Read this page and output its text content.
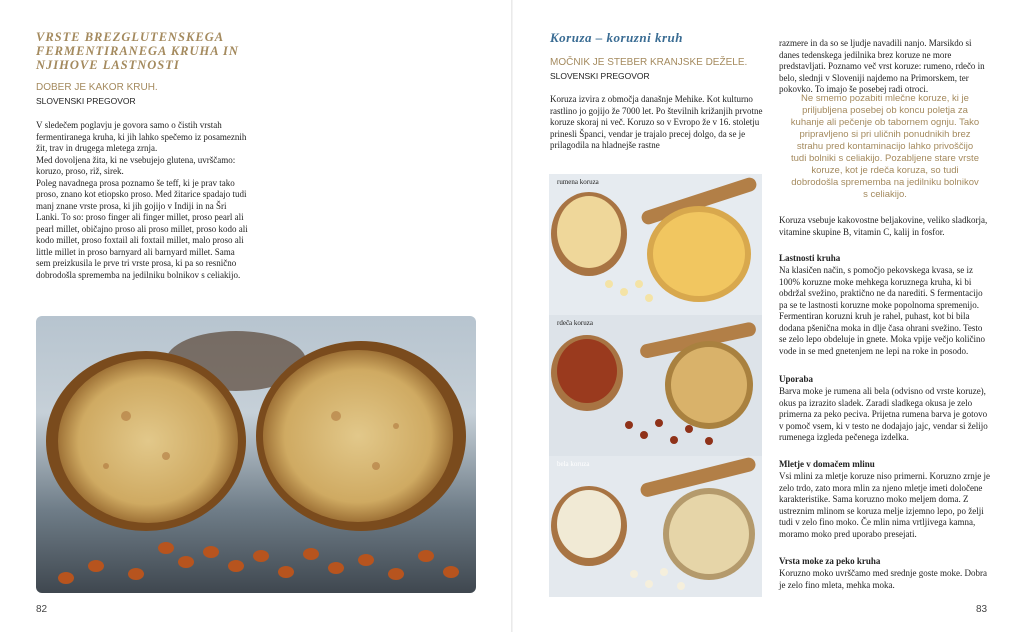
VRSTE BREZGLUTENSKEGA FERMENTIRANEGA KRUHA IN NJIHOVE LASTNOSTI
DOBER JE KAKOR KRUH.
SLOVENSKI PREGOVOR
V sledečem poglavju je govora samo o čistih vrstah fermentiranega kruha, ki jih lahko spečemo iz posameznih žit, trav in drugega mletega zrnja.
Med dovoljena žita, ki ne vsebujejo glutena, uvrščamo: koruzo, proso, riž, sirek.
Poleg navadnega prosa poznamo še teff, ki je prav tako proso, znano kot etiopsko proso. Med žitarice spadajo tudi manj znane vrste prosa, ki jih gojijo v Indiji in na Šri Lanki. To so: proso finger ali finger millet, proso pearl ali pearl millet, običajno proso ali proso millet, proso kodo ali kodo millet, proso foxtail ali foxtail millet, malo proso ali little millet in proso barnyard ali barnyard millet. Sama sem preizkusila le prve tri vrste prosa, ki pa so resnično dobrodošla sprememba na jedilniku bolnikov s celiakijo.
82
Koruza – koruzni kruh
MOČNIK JE STEBER KRANJSKE DEŽELE.
SLOVENSKI PREGOVOR
Koruza izvira z območja današnje Mehike. Kot kulturno rastlino jo gojijo že 7000 let. Po številnih križanjih prvotne koruze skoraj ni več. Koruzo so v Evropo že v 16. stoletju prinesli Španci, vendar je trajalo precej dolgo, da se je prilagodila na hladnejše rastne
rumena koruza
rdeča koruza
bela koruza
razmere in da so se ljudje navadili nanjo. Marsikdo si danes tedenskega jedilnika brez koruze ne more predstavljati. Poznamo več vrst koruze: rumeno, rdečo in belo, slednji v Sloveniji najdemo na Primorskem, ter pokovko. To imajo še posebej radi otroci.
Ne smemo pozabiti mlečne koruze, ki je priljubljena posebej ob koncu poletja za kuhanje ali pečenje ob tabornem ognju. Tako pripravljeno si pri uličnih ponudnikih brez strahu pred kontaminacijo lahko privoščijo tudi bolniki s celiakijo. Pozabljene stare vrste koruze, kot je rdeča koruza, so tudi dobrodošla sprememba na jedilniku bolnikov s celiakijo.
Koruza vsebuje kakovostne beljakovine, veliko sladkorja, vitamine skupine B, vitamin C, kalij in fosfor.
Lastnosti kruha
Na klasičen način, s pomočjo pekovskega kvasa, se iz 100% koruzne moke mehkega koruznega kruha, ki bi obdržal svežino, praktično ne da narediti. S fermentacijo pa se te lastnosti koruzne moke popolnoma spremenijo. Fermentiran koruzni kruh je rahel, puhast, kot bi bila dodana pšenična moka in dlje časa ohrani svežino. Testo se zelo lepo obdeluje in gnete. Moka vpije večjo količino vode in se med gnetenjem ne lepi na roke in posodo.
Uporaba
Barva moke je rumena ali bela (odvisno od vrste koruze), okus pa izrazito sladek. Zaradi sladkega okusa je zelo primerna za peko peciva. Prijetna rumena barva je gotovo v pomoč vsem, ki v testo ne dodajajo jajc, vendar si želijo rumenega izgleda pečenega izdelka.
Mletje v domačem mlinu
Vsi mlini za mletje koruze niso primerni. Koruzno zrnje je zelo trdo, zato mora mlin za njeno mletje imeti določene karakteristike. Sama koruzno moko meljem doma. Z ustreznim mlinom se koruza melje izjemno lepo, po želji tudi v zelo fino moko. Če mlin nima vrtljivega kamna, moramo moko pred uporabo presejati.
Vrsta moke za peko kruha
Koruzno moko uvrščamo med srednje goste moke. Dobra je zelo fino mleta, mehka moka.
83
